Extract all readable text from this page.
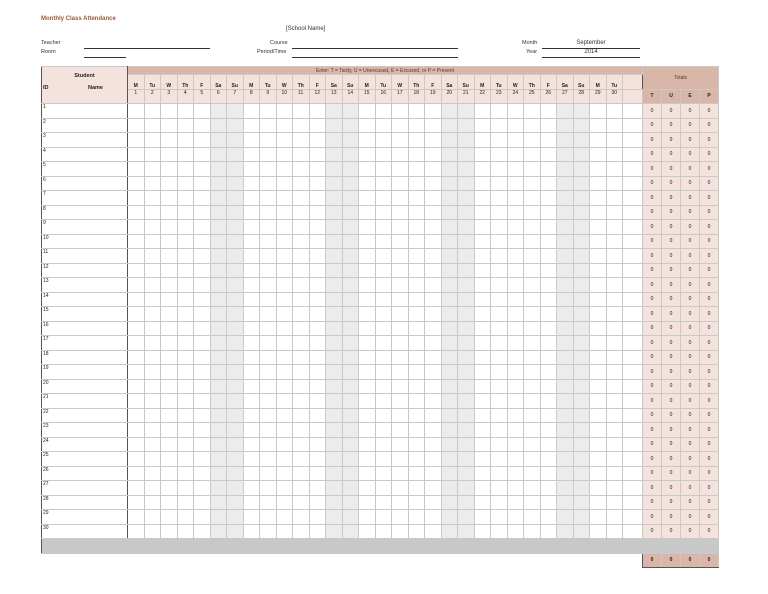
Monthly Class Attendance
[School Name]
Teacher
Room
Course
Period/Time
Month	September
Year	2014
Student
ID Name	Enter: T = Tardy, U = Unexcused, E = Excused, or P = Present																															Totals			
	M	Tu	W	Th	F	Sa	Su	M	Tu	W	Th	F	Sa	Su	M	Tu	W	Th	F	Sa	Su	M	Tu	W	Th	F	Sa	Su	M	Tu					
	1	2	3	4	5	6	7	8	9	10	11	12	13	14	15	16	17	18	19	20	21	22	23	24	25	26	27	28	29	30		T	U	E	P
1																																0	0	0	0
2																																0	0	0	0
3																																0	0	0	0
4																																0	0	0	0
5																																0	0	0	0
6																																0	0	0	0
7																																0	0	0	0
8																																0	0	0	0
9																																0	0	0	0
10																																0	0	0	0
11																																0	0	0	0
12																																0	0	0	0
13																																0	0	0	0
14																																0	0	0	0
15																																0	0	0	0
16																																0	0	0	0
17																																0	0	0	0
18																																0	0	0	0
19																																0	0	0	0
20																																0	0	0	0
21																																0	0	0	0
22																																0	0	0	0
23																																0	0	0	0
24																																0	0	0	0
25																																0	0	0	0
26																																0	0	0	0
27																																0	0	0	0
28																																0	0	0	0
29																																0	0	0	0
30																																0	0	0	0

																																0	0	0	0
